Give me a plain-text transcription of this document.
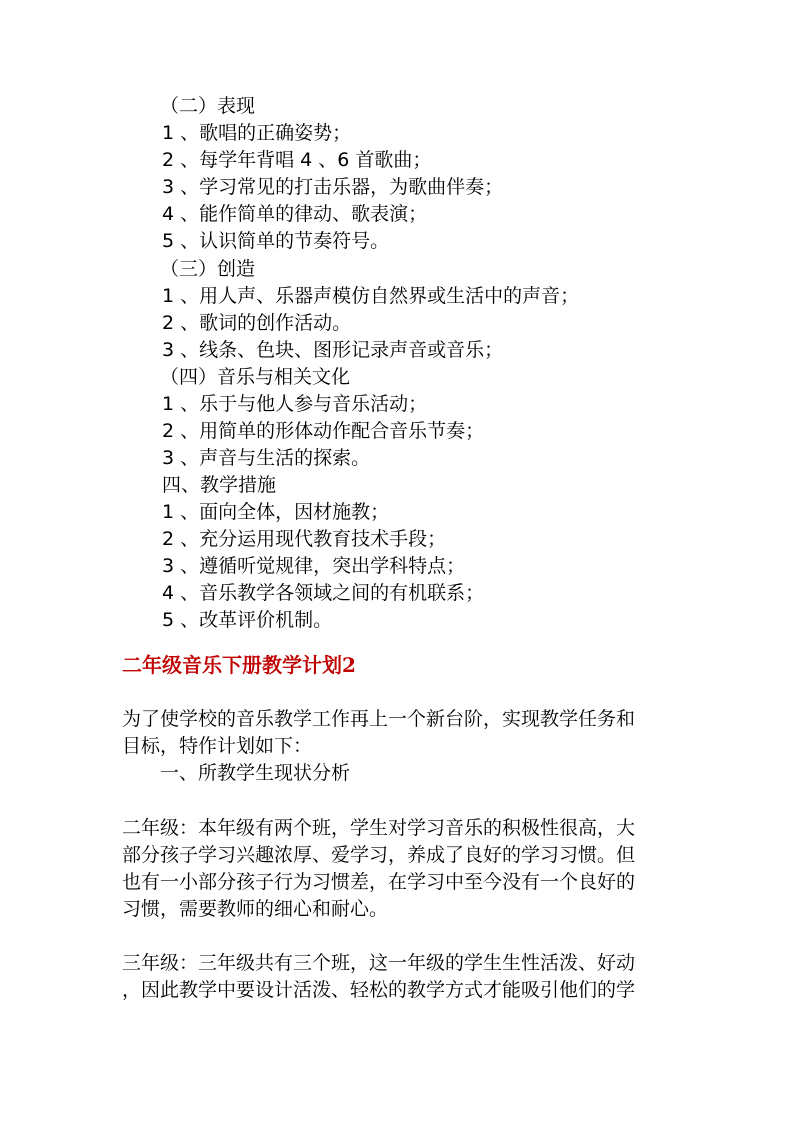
（二）表现

1 、歌唱的正确姿势；

2 、每学年背唱 4 、6 首歌曲；

3 、学习常见的打击乐器，为歌曲伴奏；

4 、能作简单的律动、歌表演；

5 、认识简单的节奏符号。

（三）创造

1 、用人声、乐器声模仿自然界或生活中的声音；

2 、歌词的创作活动。

3 、线条、色块、图形记录声音或音乐；

（四）音乐与相关文化

1 、乐于与他人参与音乐活动；

2 、用简单的形体动作配合音乐节奏；

3 、声音与生活的探索。

四、教学措施

1 、面向全体，因材施教；

2 、充分运用现代教育技术手段；

3 、遵循听觉规律，突出学科特点；

4 、音乐教学各领域之间的有机联系；

5 、改革评价机制。

二年级音乐下册教学计划2
为了使学校的音乐教学工作再上一个新台阶，实现教学任务和
目标，特作计划如下：

一、所教学生现状分析

二年级：本年级有两个班，学生对学习音乐的积极性很高，大
部分孩子学习兴趣浓厚、爱学习，养成了良好的学习习惯。但
也有一小部分孩子行为习惯差，在学习中至今没有一个良好的
习惯，需要教师的细心和耐心。
三年级：三年级共有三个班，这一年级的学生生性活泼、好动
，因此教学中要设计活泼、轻松的教学方式才能吸引他们的学
